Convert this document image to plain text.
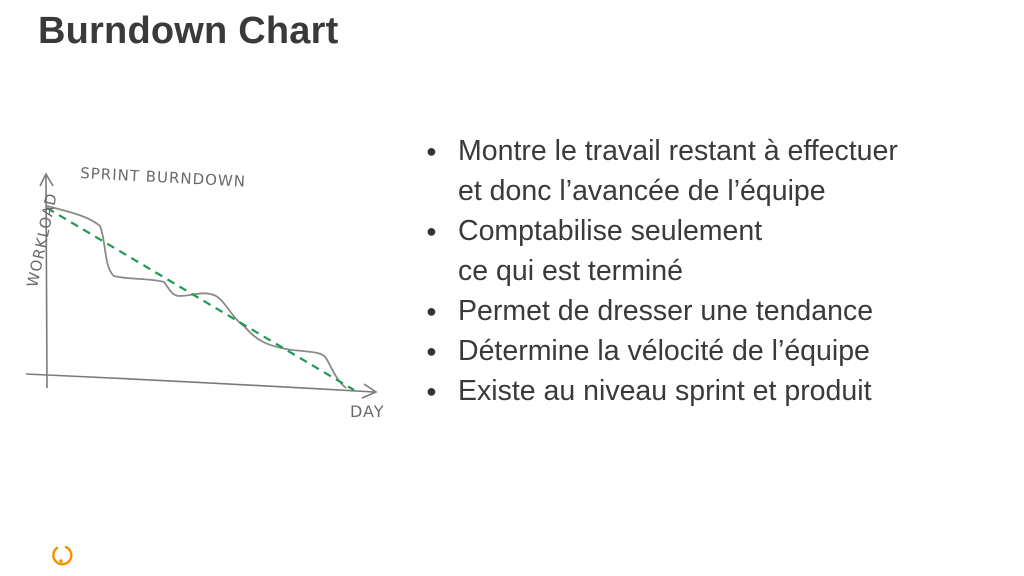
Burndown Chart
SPRINT BURNDOWN
WORKLOAD
DAY
● Montre le travail restant à effectuer
et donc l’avancée de l’équipe
● Comptabilise seulement
ce qui est terminé
● Permet de dresser une tendance
● Détermine la vélocité de l’équipe
● Existe au niveau sprint et produit
